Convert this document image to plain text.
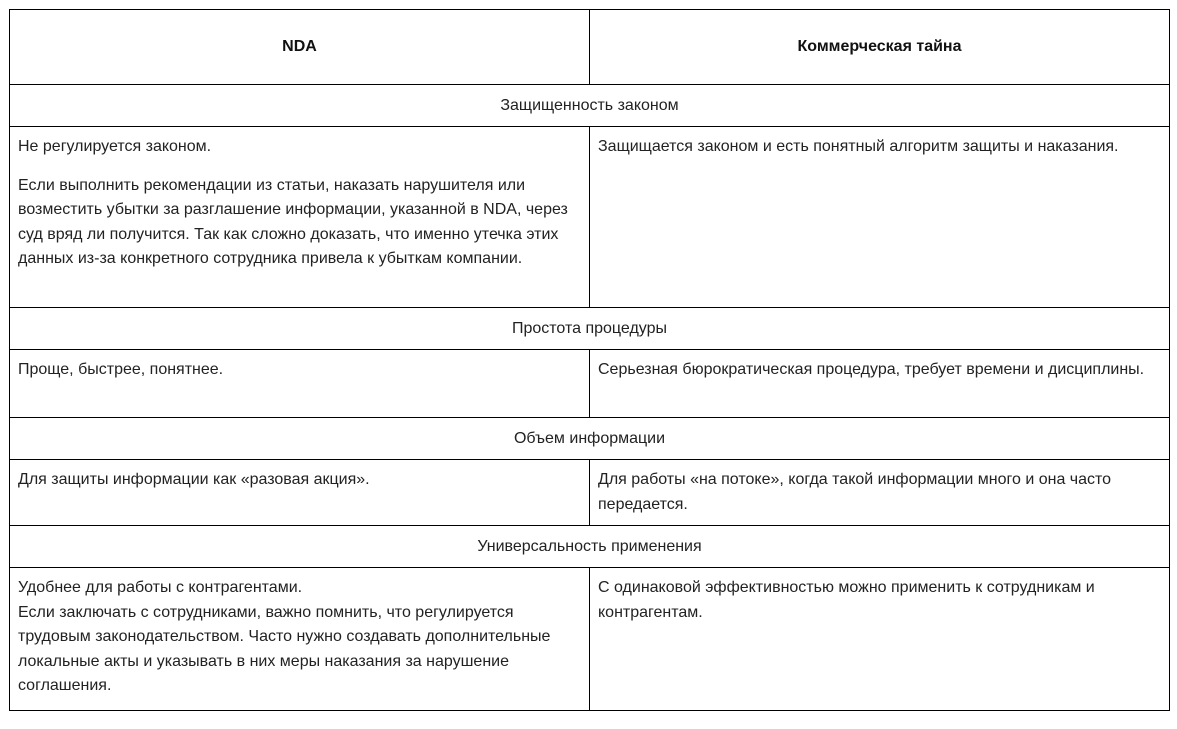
NDA	Коммерческая тайна
Защищенность законом	

Не регулируется законом.

Если выполнить рекомендации из статьи, наказать нарушителя или возместить убытки за разглашение информации, указанной в NDA, через суд вряд ли получится. Так как сложно доказать, что именно утечка этих данных из-за конкретного сотрудника привела к убыткам компании.	Защищается законом и есть понятный алгоритм защиты и наказания.

Простота процедуры	

Проще, быстрее, понятнее.	Серьезная бюрократическая процедура, требует времени и дисциплины.

Объем информации	

Для защиты информации как «разовая акция».	Для работы «на потоке», когда такой информации много и она часто передается.

Универсальность применения	

Удобнее для работы с контрагентами.

Если заключать с сотрудниками, важно помнить, что регулируется трудовым законодательством. Часто нужно создавать дополнительные локальные акты и указывать в них меры наказания за нарушение соглашения.	С одинаковой эффективностью можно применить к сотрудникам и контрагентам.
